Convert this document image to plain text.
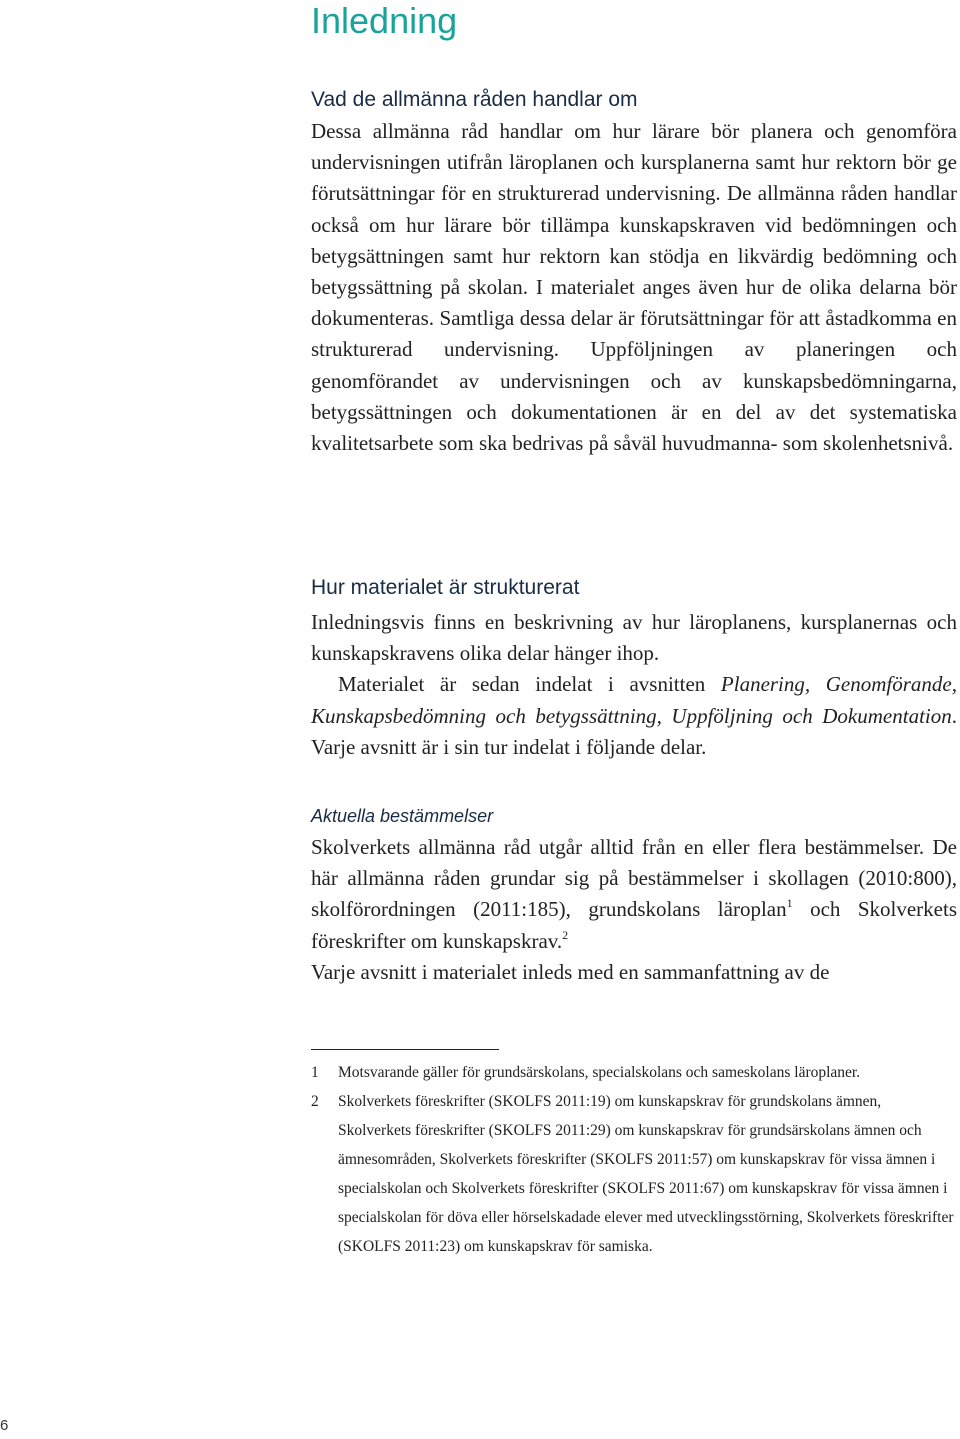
Inledning
Vad de allmänna råden handlar om

Dessa allmänna råd handlar om hur lärare bör planera och genomföra undervisningen utifrån läroplanen och kursplanerna samt hur rektorn bör ge förutsättningar för en strukturerad undervisning. De allmänna råden handlar också om hur lärare bör tillämpa kunskapskraven vid bedömningen och betygsättningen samt hur rektorn kan stödja en likvärdig bedömning och betygssättning på skolan. I materialet anges även hur de olika delarna bör dokumenteras. Samtliga dessa delar är förutsättningar för att åstadkomma en strukturerad undervisning. Uppföljningen av planeringen och genomförandet av undervisningen och av kunskapsbedömningarna, betygssättningen och dokumentationen är en del av det systematiska kvalitetsarbete som ska bedrivas på såväl huvudmanna- som skolenhetsnivå.

Hur materialet är strukturerat

Inledningsvis finns en beskrivning av hur läroplanens, kursplanernas och kunskapskravens olika delar hänger ihop.

Materialet är sedan indelat i avsnitten Planering, Genomförande, Kunskapsbedömning och betygssättning, Uppföljning och Dokumentation. Varje avsnitt är i sin tur indelat i följande delar.

Aktuella bestämmelser

Skolverkets allmänna råd utgår alltid från en eller flera bestämmelser. De här allmänna råden grundar sig på bestämmelser i skollagen (2010:800), skolförordningen (2011:185), grundskolans läroplan$^1$ och Skolverkets föreskrifter om kunskapskrav.$^2$

Varje avsnitt i materialet inleds med en sammanfattning av de

1 Motsvarande gäller för grundsärskolans, specialskolans och sameskolans läroplaner.

2 Skolverkets föreskrifter (SKOLFS 2011:19) om kunskapskrav för grundskolans ämnen, Skolverkets föreskrifter (SKOLFS 2011:29) om kunskapskrav för grundsärskolans ämnen och ämnesområden, Skolverkets föreskrifter (SKOLFS 2011:57) om kunskapskrav för vissa ämnen i specialskolan och Skolverkets föreskrifter (SKOLFS 2011:67) om kunskapskrav för vissa ämnen i specialskolan för döva eller hörselskadade elever med utvecklingsstörning, Skolverkets föreskrifter (SKOLFS 2011:23) om kunskapskrav för samiska.

6
